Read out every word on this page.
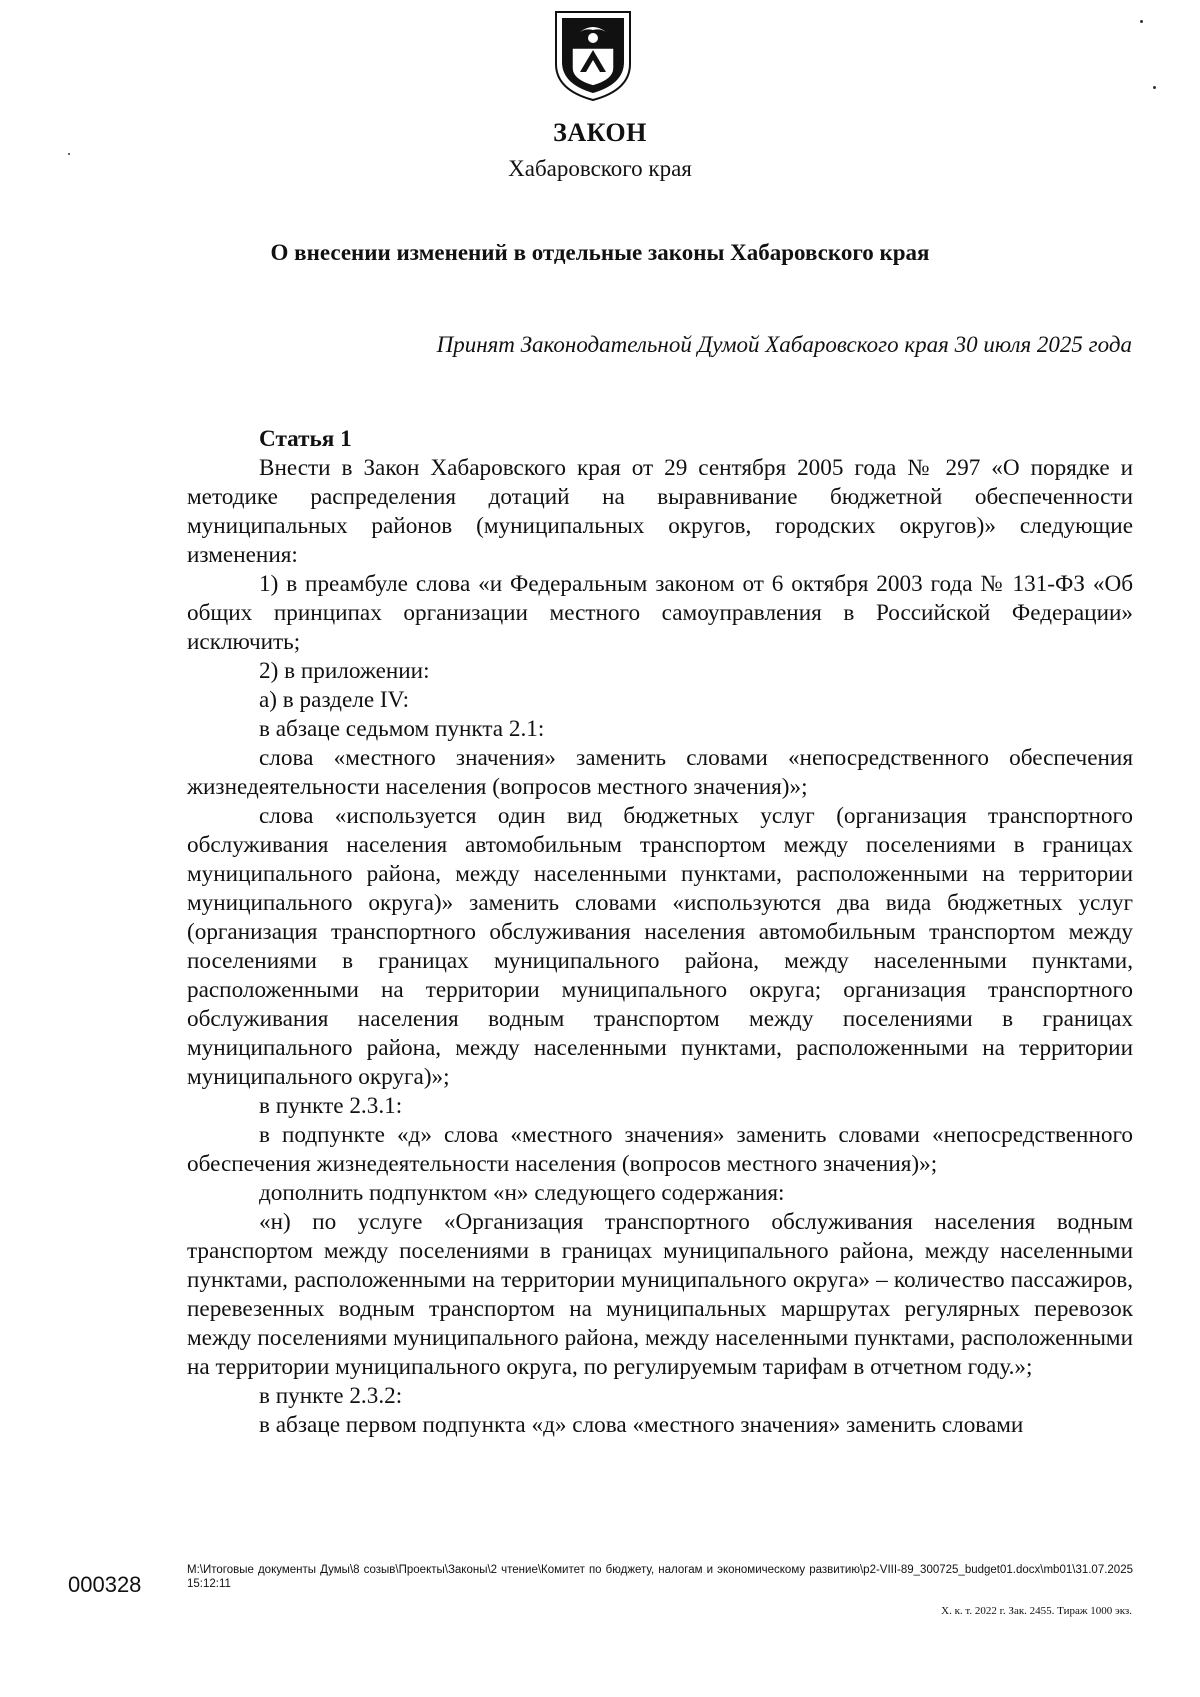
ЗАКОН
Хабаровского края
О внесении изменений в отдельные законы Хабаровского края
Принят Законодательной Думой Хабаровского края 30 июля 2025 года
Статья 1

Внести в Закон Хабаровского края от 29 сентября 2005 года № 297 «О порядке и методике распределения дотаций на выравнивание бюджетной обеспеченности муниципальных районов (муниципальных округов, городских округов)» следующие изменения:

1) в преамбуле слова «и Федеральным законом от 6 октября 2003 года № 131-ФЗ «Об общих принципах организации местного самоуправления в Российской Федерации» исключить;

2) в приложении:

а) в разделе IV:

в абзаце седьмом пункта 2.1:

слова «местного значения» заменить словами «непосредственного обеспечения жизнедеятельности населения (вопросов местного значения)»;

слова «используется один вид бюджетных услуг (организация транспортного обслуживания населения автомобильным транспортом между поселениями в границах муниципального района, между населенными пунктами, расположенными на территории муниципального округа)» заменить словами «используются два вида бюджетных услуг (организация транспортного обслуживания населения автомобильным транспортом между поселениями в границах муниципального района, между населенными пунктами, расположенными на территории муниципального округа; организация транспортного обслуживания населения водным транспортом между поселениями в границах муниципального района, между населенными пунктами, расположенными на территории муниципального округа)»;

в пункте 2.3.1:

в подпункте «д» слова «местного значения» заменить словами «непосредственного обеспечения жизнедеятельности населения (вопросов местного значения)»;

дополнить подпунктом «н» следующего содержания:

«н) по услуге «Организация транспортного обслуживания населения водным транспортом между поселениями в границах муниципального района, между населенными пунктами, расположенными на территории муниципального округа» – количество пассажиров, перевезенных водным транспортом на муниципальных маршрутах регулярных перевозок между поселениями муниципального района, между населенными пунктами, расположенными на территории муниципального округа, по регулируемым тарифам в отчетном году.»;

в пункте 2.3.2:

в абзаце первом подпункта «д» слова «местного значения» заменить словами

000328
M:\Итоговые документы Думы\8 созыв\Проекты\Законы\2 чтение\Комитет по бюджету, налогам и экономическому развитию\р2-VIII-89_300725_budget01.docx\mb01\31.07.2025 15:12:11
Х. к. т. 2022 г. Зак. 2455. Тираж 1000 экз.
